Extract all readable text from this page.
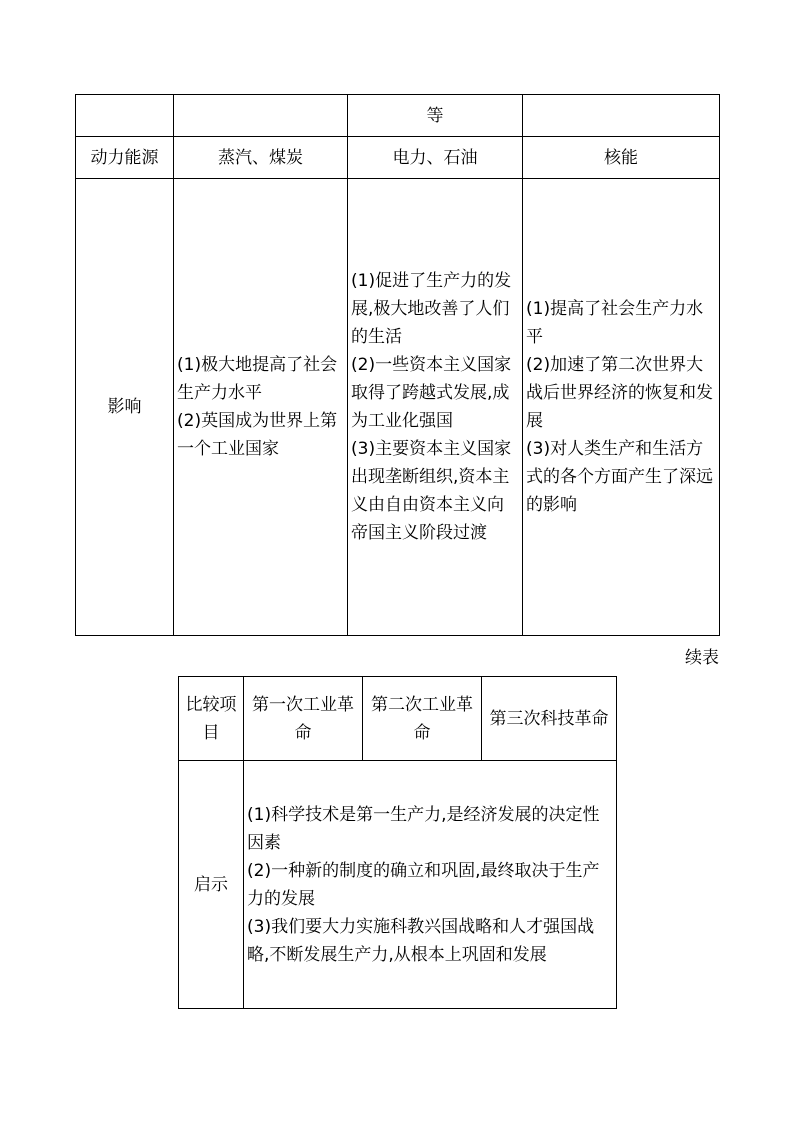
		等	
动力能源	蒸汽、煤炭	电力、石油	核能
影响	(1)极大地提高了社会生产力水平
(2)英国成为世界上第一个工业国家	(1)促进了生产力的发展,极大地改善了人们的生活
(2)一些资本主义国家取得了跨越式发展,成为工业化强国
(3)主要资本主义国家出现垄断组织,资本主义由自由资本主义向帝国主义阶段过渡	(1)提高了社会生产力水平
(2)加速了第二次世界大战后世界经济的恢复和发展
(3)对人类生产和生活方式的各个方面产生了深远的影响
续表
比较项目	第一次工业革命	第二次工业革命	第三次科技革命
启示	(1)科学技术是第一生产力,是经济发展的决定性因素
(2)一种新的制度的确立和巩固,最终取决于生产力的发展
(3)我们要大力实施科教兴国战略和人才强国战略,不断发展生产力,从根本上巩固和发展		
